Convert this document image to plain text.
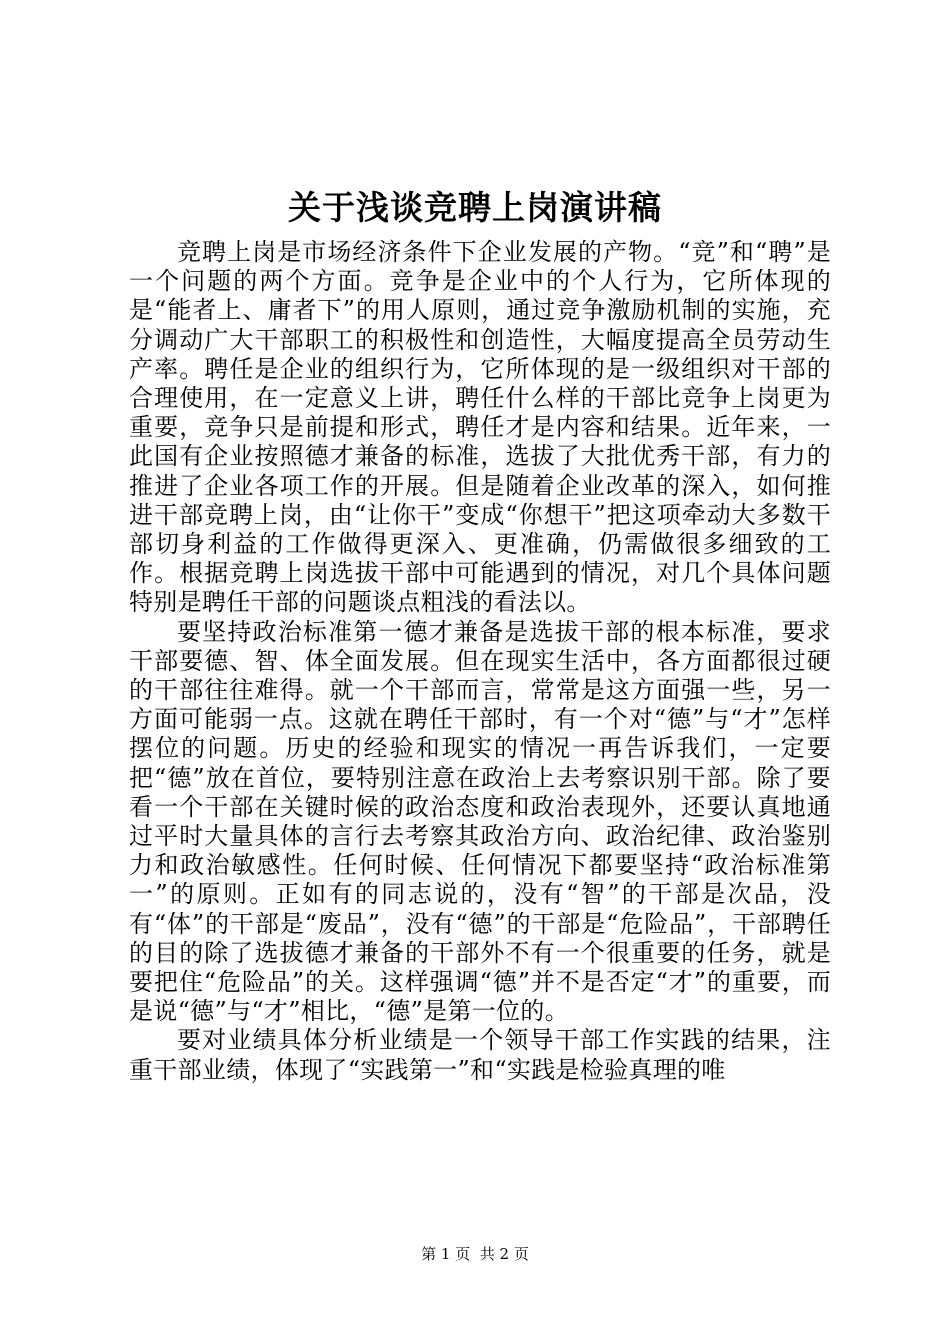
关于浅谈竞聘上岗演讲稿

竞聘上岗是市场经济条件下企业发展的产物。“竞”和“聘”是一个问题的两个方面。竞争是企业中的个人行为，它所体现的是“能者上、庸者下”的用人原则，通过竞争激励机制的实施，充分调动广大干部职工的积极性和创造性，大幅度提高全员劳动生产率。聘任是企业的组织行为，它所体现的是一级组织对干部的合理使用，在一定意义上讲，聘任什么样的干部比竞争上岗更为重要，竞争只是前提和形式，聘任才是内容和结果。近年来，一此国有企业按照德才兼备的标准，选拔了大批优秀干部，有力的推进了企业各项工作的开展。但是随着企业改革的深入，如何推进干部竞聘上岗，由“让你干”变成“你想干”把这项牵动大多数干部切身利益的工作做得更深入、更准确，仍需做很多细致的工作。根据竞聘上岗选拔干部中可能遇到的情况，对几个具体问题特别是聘任干部的问题谈点粗浅的看法以。

要坚持政治标准第一德才兼备是选拔干部的根本标准，要求干部要德、智、体全面发展。但在现实生活中，各方面都很过硬的干部往往难得。就一个干部而言，常常是这方面强一些，另一方面可能弱一点。这就在聘任干部时，有一个对“德”与“才”怎样摆位的问题。历史的经验和现实的情况一再告诉我们，一定要把“德”放在首位，要特别注意在政治上去考察识别干部。除了要看一个干部在关键时候的政治态度和政治表现外，还要认真地通过平时大量具体的言行去考察其政治方向、政治纪律、政治鉴别力和政治敏感性。任何时候、任何情况下都要坚持“政治标准第一”的原则。正如有的同志说的，没有“智”的干部是次品，没有“体”的干部是“废品”，没有“德”的干部是“危险品”，干部聘任的目的除了选拔德才兼备的干部外不有一个很重要的任务，就是要把住“危险品”的关。这样强调“德”并不是否定“才”的重要，而是说“德”与“才”相比，“德”是第一位的。

要对业绩具体分析业绩是一个领导干部工作实践的结果，注重干部业绩，体现了“实践第一”和“实践是检验真理的唯

第 1 页 共 2 页
